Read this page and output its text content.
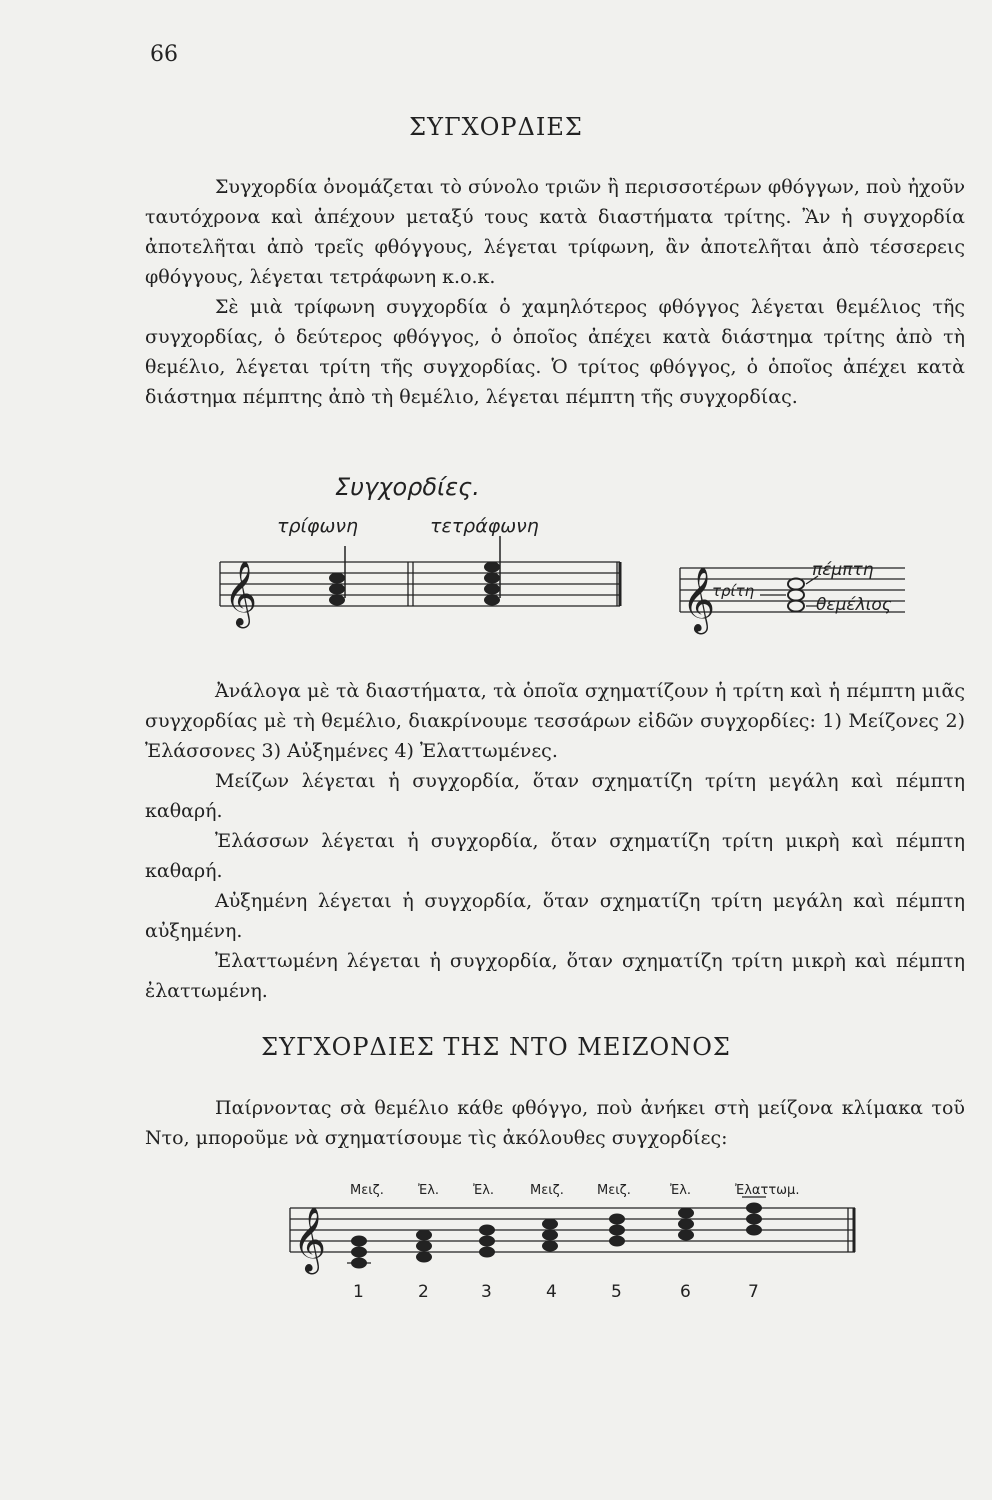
66
ΣΥΓΧΟΡΔΙΕΣ

Συγχορδία ὀνομάζεται τὸ σύνολο τριῶν ἢ περισσοτέρων φθόγγων, ποὺ ἠχοῦν ταυτόχρονα καὶ ἀπέχουν μεταξύ τους κατὰ διαστήματα τρίτης. Ἂν ἡ συγχορδία ἀποτελῆται ἀπὸ τρεῖς φθόγγους, λέγεται τρίφωνη, ἂν ἀποτελῆται ἀπὸ τέσσερεις φθόγγους, λέγεται τετράφωνη κ.ο.κ.

Σὲ μιὰ τρίφωνη συγχορδία ὁ χαμηλότερος φθόγγος λέγεται θεμέλιος τῆς συγχορδίας, ὁ δεύτερος φθόγγος, ὁ ὁποῖος ἀπέχει κατὰ διάστημα τρίτης ἀπὸ τὴ θεμέλιο, λέγεται τρίτη τῆς συγχορδίας. Ὁ τρίτος φθόγγος, ὁ ὁποῖος ἀπέχει κατὰ διάστημα πέμπτης ἀπὸ τὴ θεμέλιο, λέγεται πέμπτη τῆς συγχορδίας.

Συγχορδίες.
τρίφωνη	τετράφωνη
𝄞	𝄞	πέμπτη
τρίτη
θεμέλιος

Ἀνάλογα μὲ τὰ διαστήματα, τὰ ὁποῖα σχηματίζουν ἡ τρίτη καὶ ἡ πέμπτη μιᾶς συγχορδίας μὲ τὴ θεμέλιο, διακρίνουμε τεσσάρων εἰδῶν συγχορδίες: 1) Μείζονες 2) Ἐλάσσονες 3) Αὐξημένες 4) Ἐλαττωμένες.

Μείζων λέγεται ἡ συγχορδία, ὅταν σχηματίζη τρίτη μεγάλη καὶ πέμπτη καθαρή.

Ἐλάσσων λέγεται ἡ συγχορδία, ὅταν σχηματίζη τρίτη μικρὴ καὶ πέμπτη καθαρή.

Αὐξημένη λέγεται ἡ συγχορδία, ὅταν σχηματίζη τρίτη μεγάλη καὶ πέμπτη αὐξημένη.

Ἐλαττωμένη λέγεται ἡ συγχορδία, ὅταν σχηματίζη τρίτη μικρὴ καὶ πέμπτη ἐλαττωμένη.

ΣΥΓΧΟΡΔΙΕΣ ΤΗΣ ΝΤΟ ΜΕΙΖΟΝΟΣ

Παίρνοντας σὰ θεμέλιο κάθε φθόγγο, ποὺ ἀνήκει στὴ μείζονα κλίμακα τοῦ Ντο, μποροῦμε νὰ σχηματίσουμε τὶς ἀκόλουθες συγχορδίες:

Μειζ.	Ἐλ.	Ἐλ.	Μειζ.	Μειζ.	Ἐλ.	Ἐλαττωμ.
𝄞
1	2	3	4	5	6	7
